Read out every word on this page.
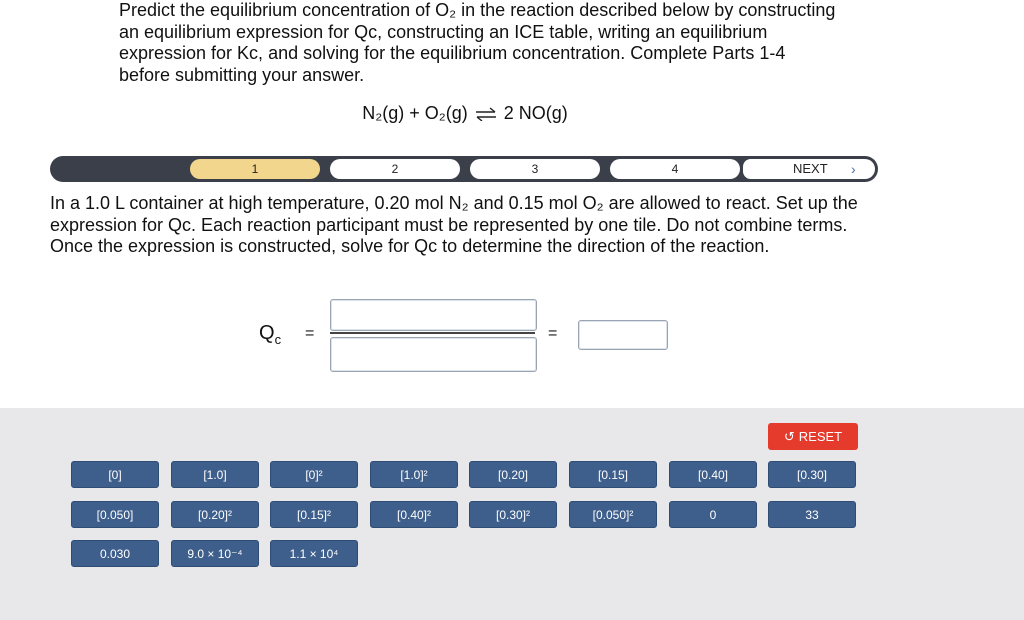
Predict the equilibrium concentration of O₂ in the reaction described below by constructing an equilibrium expression for Qc, constructing an ICE table, writing an equilibrium expression for Kc, and solving for the equilibrium concentration. Complete Parts 1-4 before submitting your answer.
N₂(g) + O₂(g) ⇌ 2 NO(g)
1	2	3	4	NEXT ›
In a 1.0 L container at high temperature, 0.20 mol N₂ and 0.15 mol O₂ are allowed to react. Set up the expression for Qc. Each reaction participant must be represented by one tile. Do not combine terms.
Once the expression is constructed, solve for Qc to determine the direction of the reaction.
$Q_c$ =	=
↺ RESET
[0]	[1.0]	[0]²	[1.0]²	[0.20]	[0.15]	[0.40]	[0.30]
[0.050]	[0.20]²	[0.15]²	[0.40]²	[0.30]²	[0.050]²	0	33
0.030	9.0 × 10⁻⁴	1.1 × 10⁴
